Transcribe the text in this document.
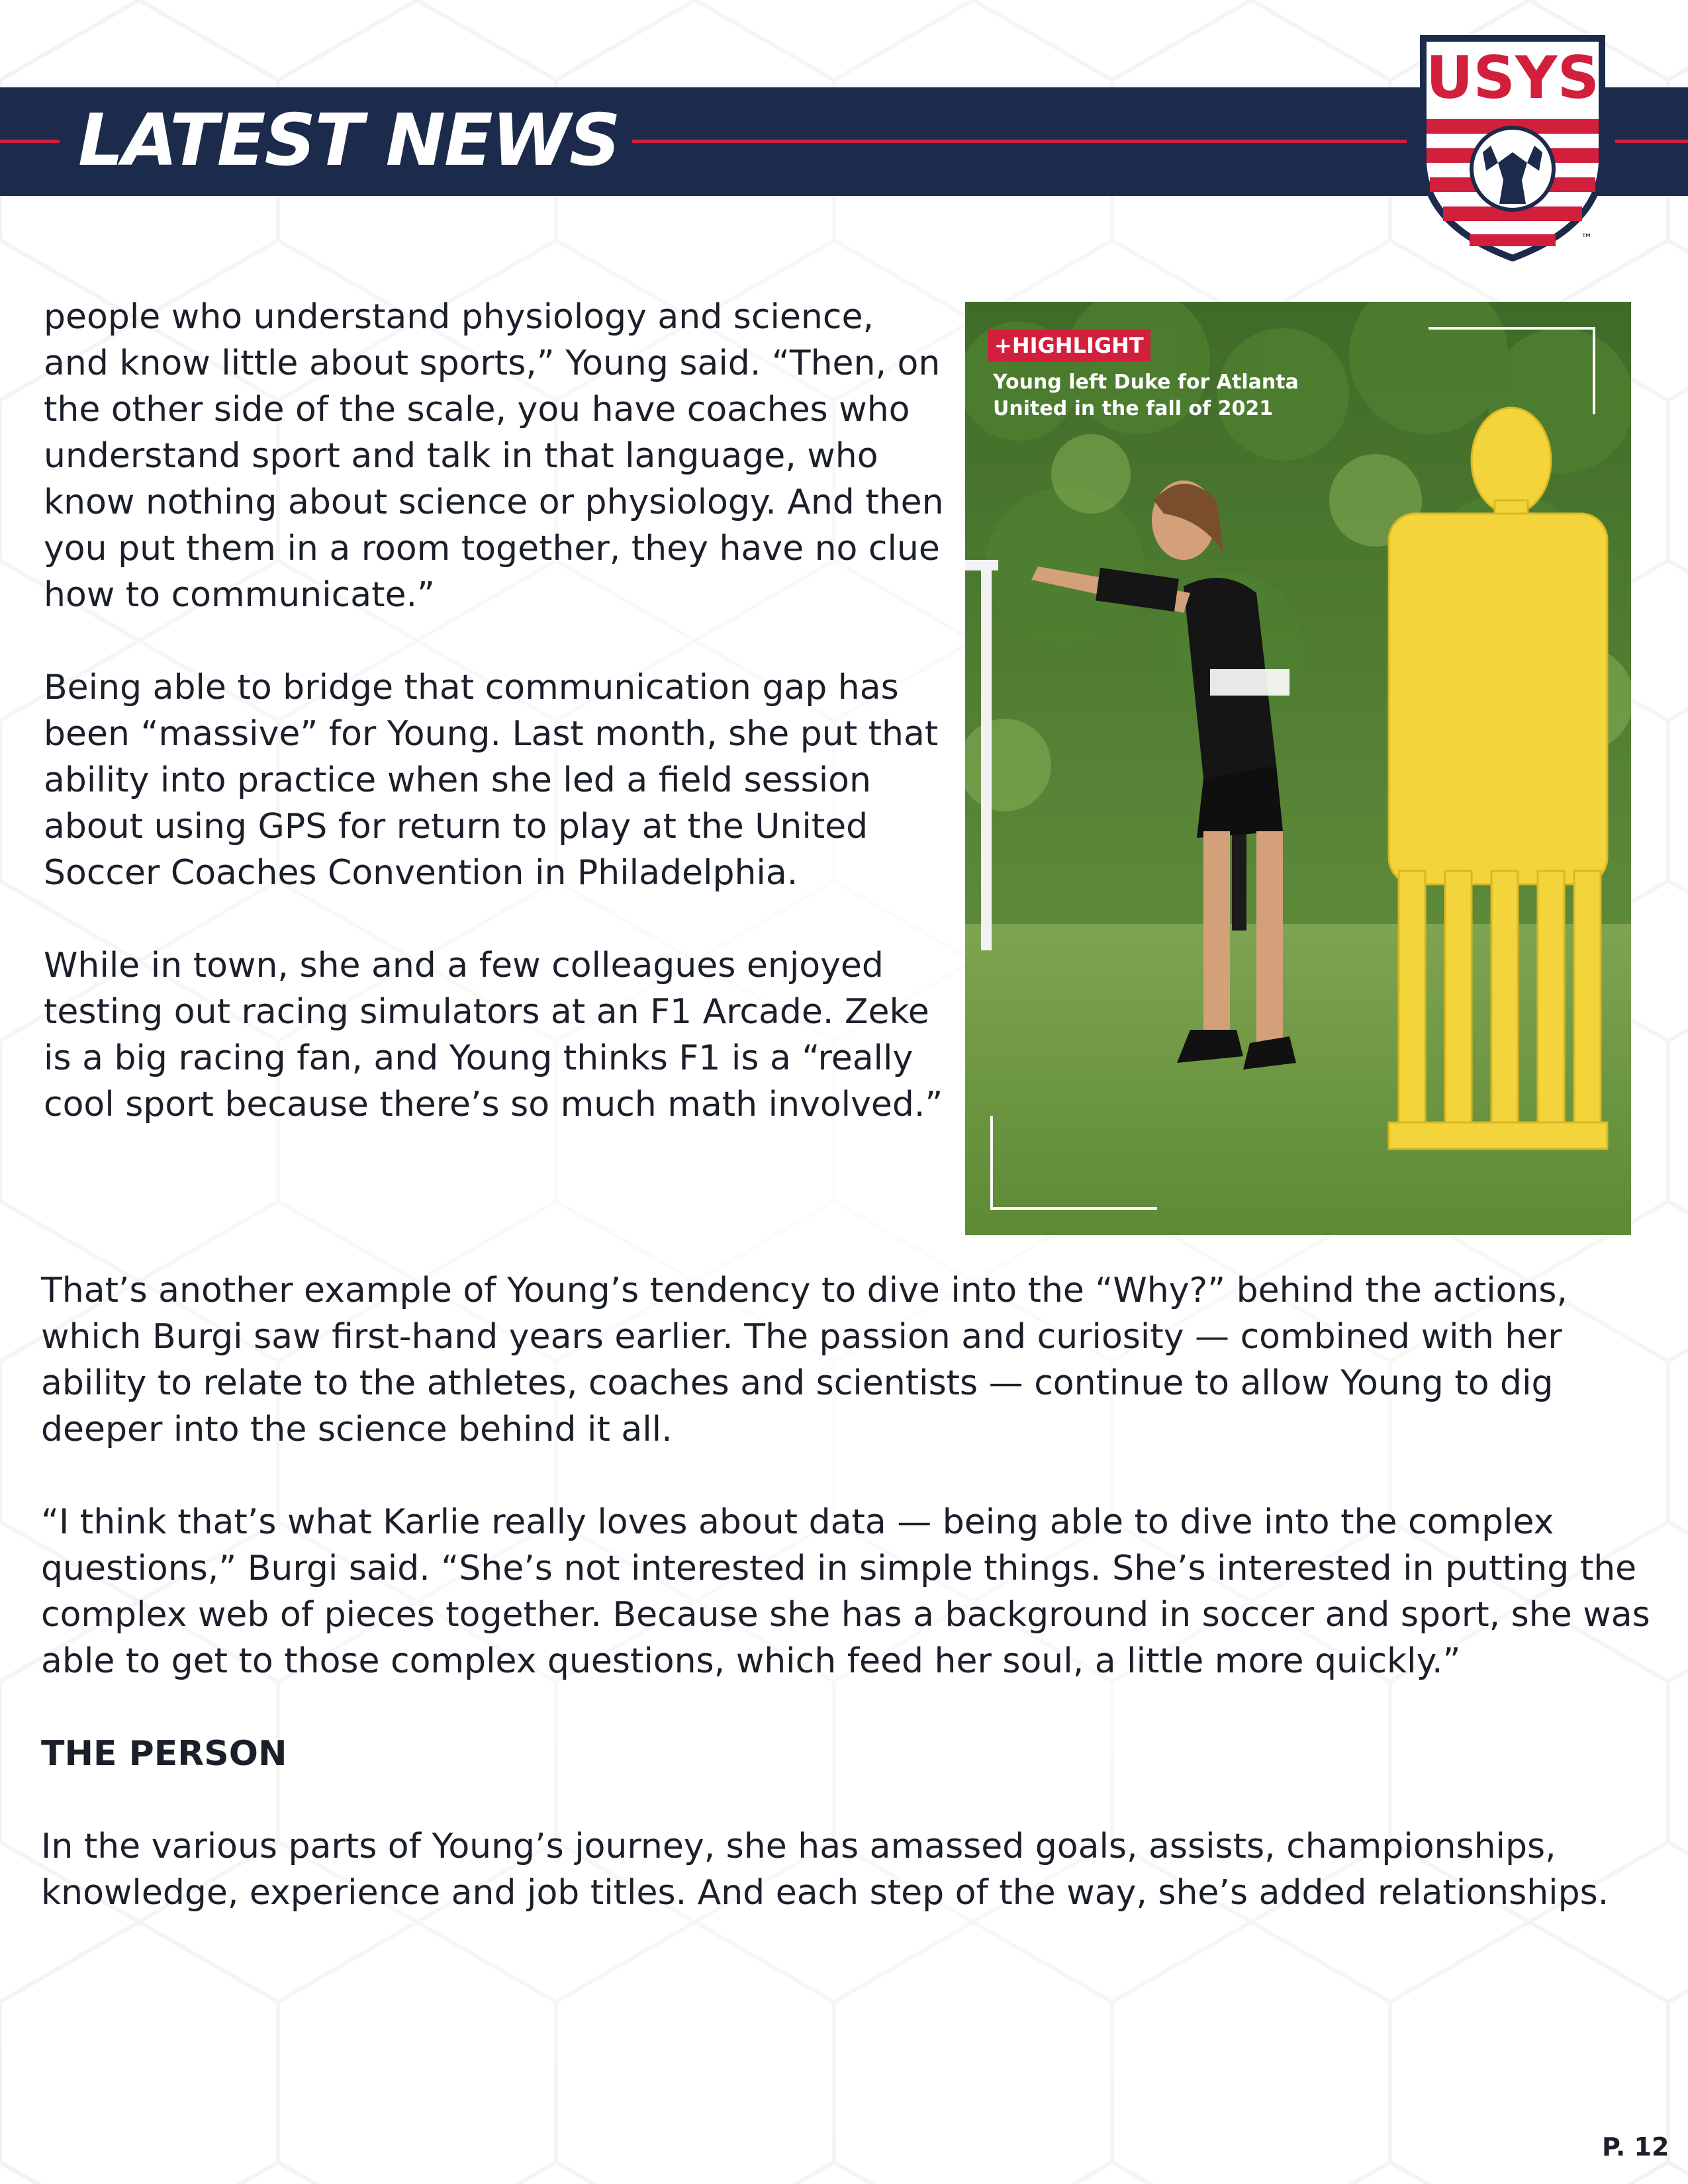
LATEST NEWS
USYS
™

people who understand physiology and science, and know little about sports,” Young said. “Then, on the other side of the scale, you have coaches who understand sport and talk in that language, who know nothing about science or physiology. And then you put them in a room together, they have no clue how to communicate.”

Being able to bridge that communication gap has been “massive” for Young. Last month, she put that ability into practice when she led a field session about using GPS for return to play at the United Soccer Coaches Convention in Philadelphia.

While in town, she and a few colleagues enjoyed testing out racing simulators at an F1 Arcade. Zeke is a big racing fan, and Young thinks F1 is a “really cool sport because there’s so much math involved.”

+HIGHLIGHT
Young left Duke for Atlanta United in the fall of 2021

That’s another example of Young’s tendency to dive into the “Why?” behind the actions, which Burgi saw first-hand years earlier. The passion and curiosity — combined with her ability to relate to the athletes, coaches and scientists — continue to allow Young to dig deeper into the science behind it all.

“I think that’s what Karlie really loves about data — being able to dive into the complex questions,” Burgi said. “She’s not interested in simple things. She’s interested in putting the complex web of pieces together. Because she has a background in soccer and sport, she was able to get to those complex questions, which feed her soul, a little more quickly.”

THE PERSON

In the various parts of Young’s journey, she has amassed goals, assists, championships, knowledge, experience and job titles. And each step of the way, she’s added relationships.

P. 12
